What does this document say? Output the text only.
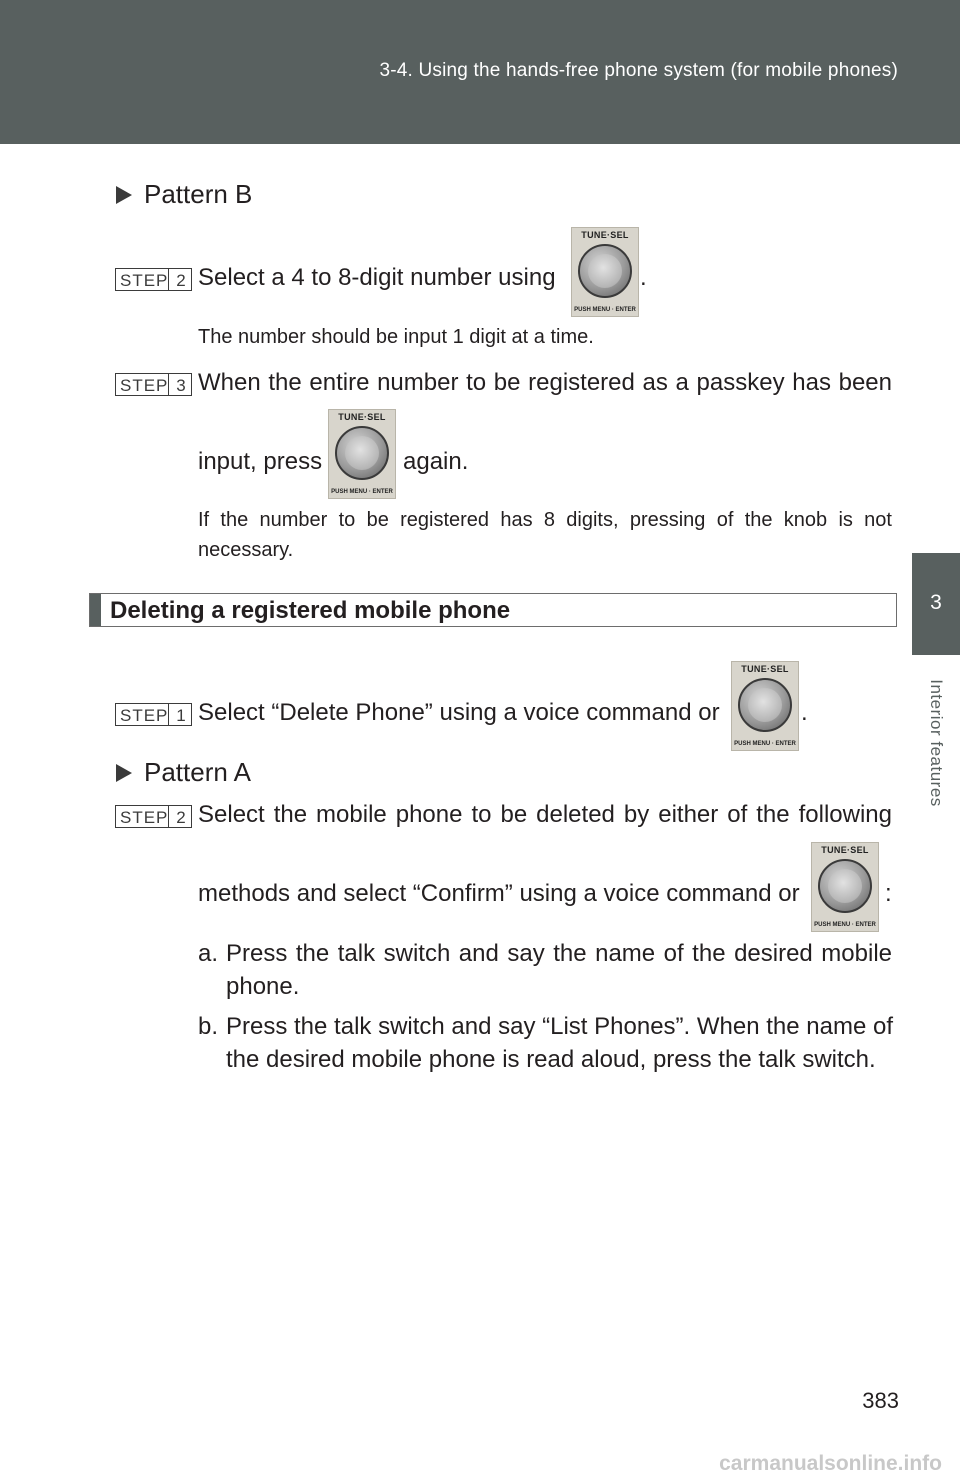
3-4. Using the hands-free phone system (for mobile phones)
3
Interior features
Pattern B
STEP 2 Select a 4 to 8-digit number using
TUNE·SEL
PUSH MENU · ENTER
.
The number should be input 1 digit at a time.
STEP 3 When the entire number to be registered as a passkey has been
input, press
TUNE·SEL
PUSH MENU · ENTER
again.
If the number to be registered has 8 digits, pressing of the knob is not
necessary.
Deleting a registered mobile phone
STEP 1 Select “Delete Phone” using a voice command or
TUNE·SEL
PUSH MENU · ENTER
.
Pattern A
STEP 2 Select the mobile phone to be deleted by either of the following
methods and select “Confirm” using a voice command or
TUNE·SEL
PUSH MENU · ENTER
:
a. Press the talk switch and say the name of the desired mobile
phone.
b. Press the talk switch and say “List Phones”. When the name of
the desired mobile phone is read aloud, press the talk switch.
383
carmanualsonline.info
